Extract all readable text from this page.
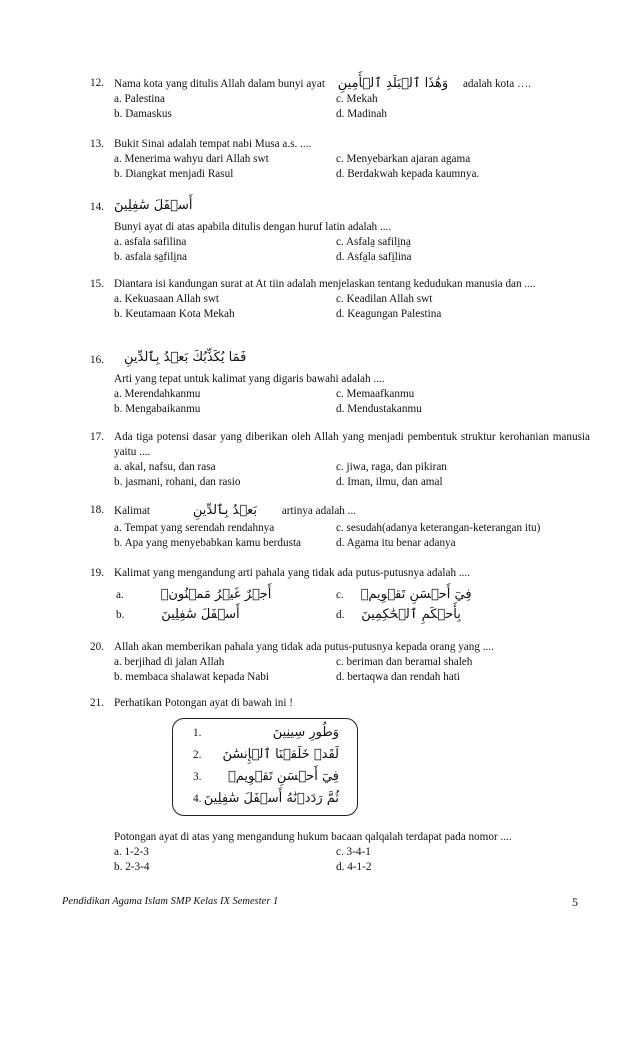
12. Nama kota yang ditulis Allah dalam bunyi ayat وَهَٰذَا ٱلۡبَلَدِ ٱلۡأَمِينِ adalah kota ….
a. Palestina
b. Damaskus
c. Mekah
d. Madinah
13. Bukit Sinai adalah tempat nabi Musa a.s. ....
a. Menerima wahyu dari Allah swt
b. Diangkat menjadi Rasul
c. Menyebarkan ajaran agama
d. Berdakwah kepada kaumnya.
14. أَسۡفَلَ سَٰفِلِينَ
Bunyi ayat di atas apabila ditulis dengan huruf latin adalah ....
a. asfala safilina
b. asfala sa̱fili̱na
c. Asfala̱ safili̱na̱
d. Asfa̱la safi̱lina
15. Diantara isi kandungan surat at At tiin adalah menjelaskan tentang kedudukan manusia dan ....
a. Kekuasaan Allah swt
b. Keutamaan Kota Mekah
c. Keadilan Allah swt
d. Keagungan Palestina
16.	فَمَا يُكَذِّبُكَ بَعۡدُ بِٱلدِّينِ
Arti yang tepat untuk kalimat yang digaris bawahi adalah ....
a. Merendahkanmu
b. Mengabaikanmu
c. Memaafkanmu
d. Mendustakanmu
17. Ada tiga potensi dasar yang diberikan oleh Allah yang menjadi pembentuk struktur kerohanian manusia yaitu ....
a. akal, nafsu, dan rasa
b. jasmani, rohani, dan rasio
c. jiwa, raga, dan pikiran
d. Iman, ilmu, dan amal
18. Kalimat	بَعۡدُ بِٱلدِّينِ artinya adalah ...
a. Tempat yang serendah rendahnya
b. Apa yang menyebabkan kamu berdusta
c. sesudah(adanya keterangan-keterangan itu)
d. Agama itu benar adanya
19. Kalimat yang mengandung arti pahala yang tidak ada putus-putusnya adalah ....
a.	أَجۡرٌ غَيۡرُ مَمۡنُونٖ
b.	أَسۡفَلَ سَٰفِلِينَ
c. فِيٓ أَحۡسَنِ تَقۡوِيمٖ
d. بِأَحۡكَمِ ٱلۡحَٰكِمِينَ
20. Allah akan memberikan pahala yang tidak ada putus-putusnya kepada orang yang ....
a. berjihad di jalan Allah
b. membaca shalawat kepada Nabi
c. beriman dan beramal shaleh
d. bertaqwa dan rendah hati
21. Perhatikan Potongan ayat di bawah ini !
1.	وَطُورِ سِينِينَ
2. لَقَدۡ خَلَقۡنَا ٱلۡإِنسَٰنَ
3. فِيٓ أَحۡسَنِ تَقۡوِيمٖ
4. ثُمَّ رَدَدۡنَٰهُ أَسۡفَلَ سَٰفِلِينَ
Potongan ayat di atas yang mengandung hukum bacaan qalqalah terdapat pada nomor ....
a. 1-2-3
b. 2-3-4
c. 3-4-1
d. 4-1-2
Pendidikan Agama Islam SMP Kelas IX Semester 1	5
